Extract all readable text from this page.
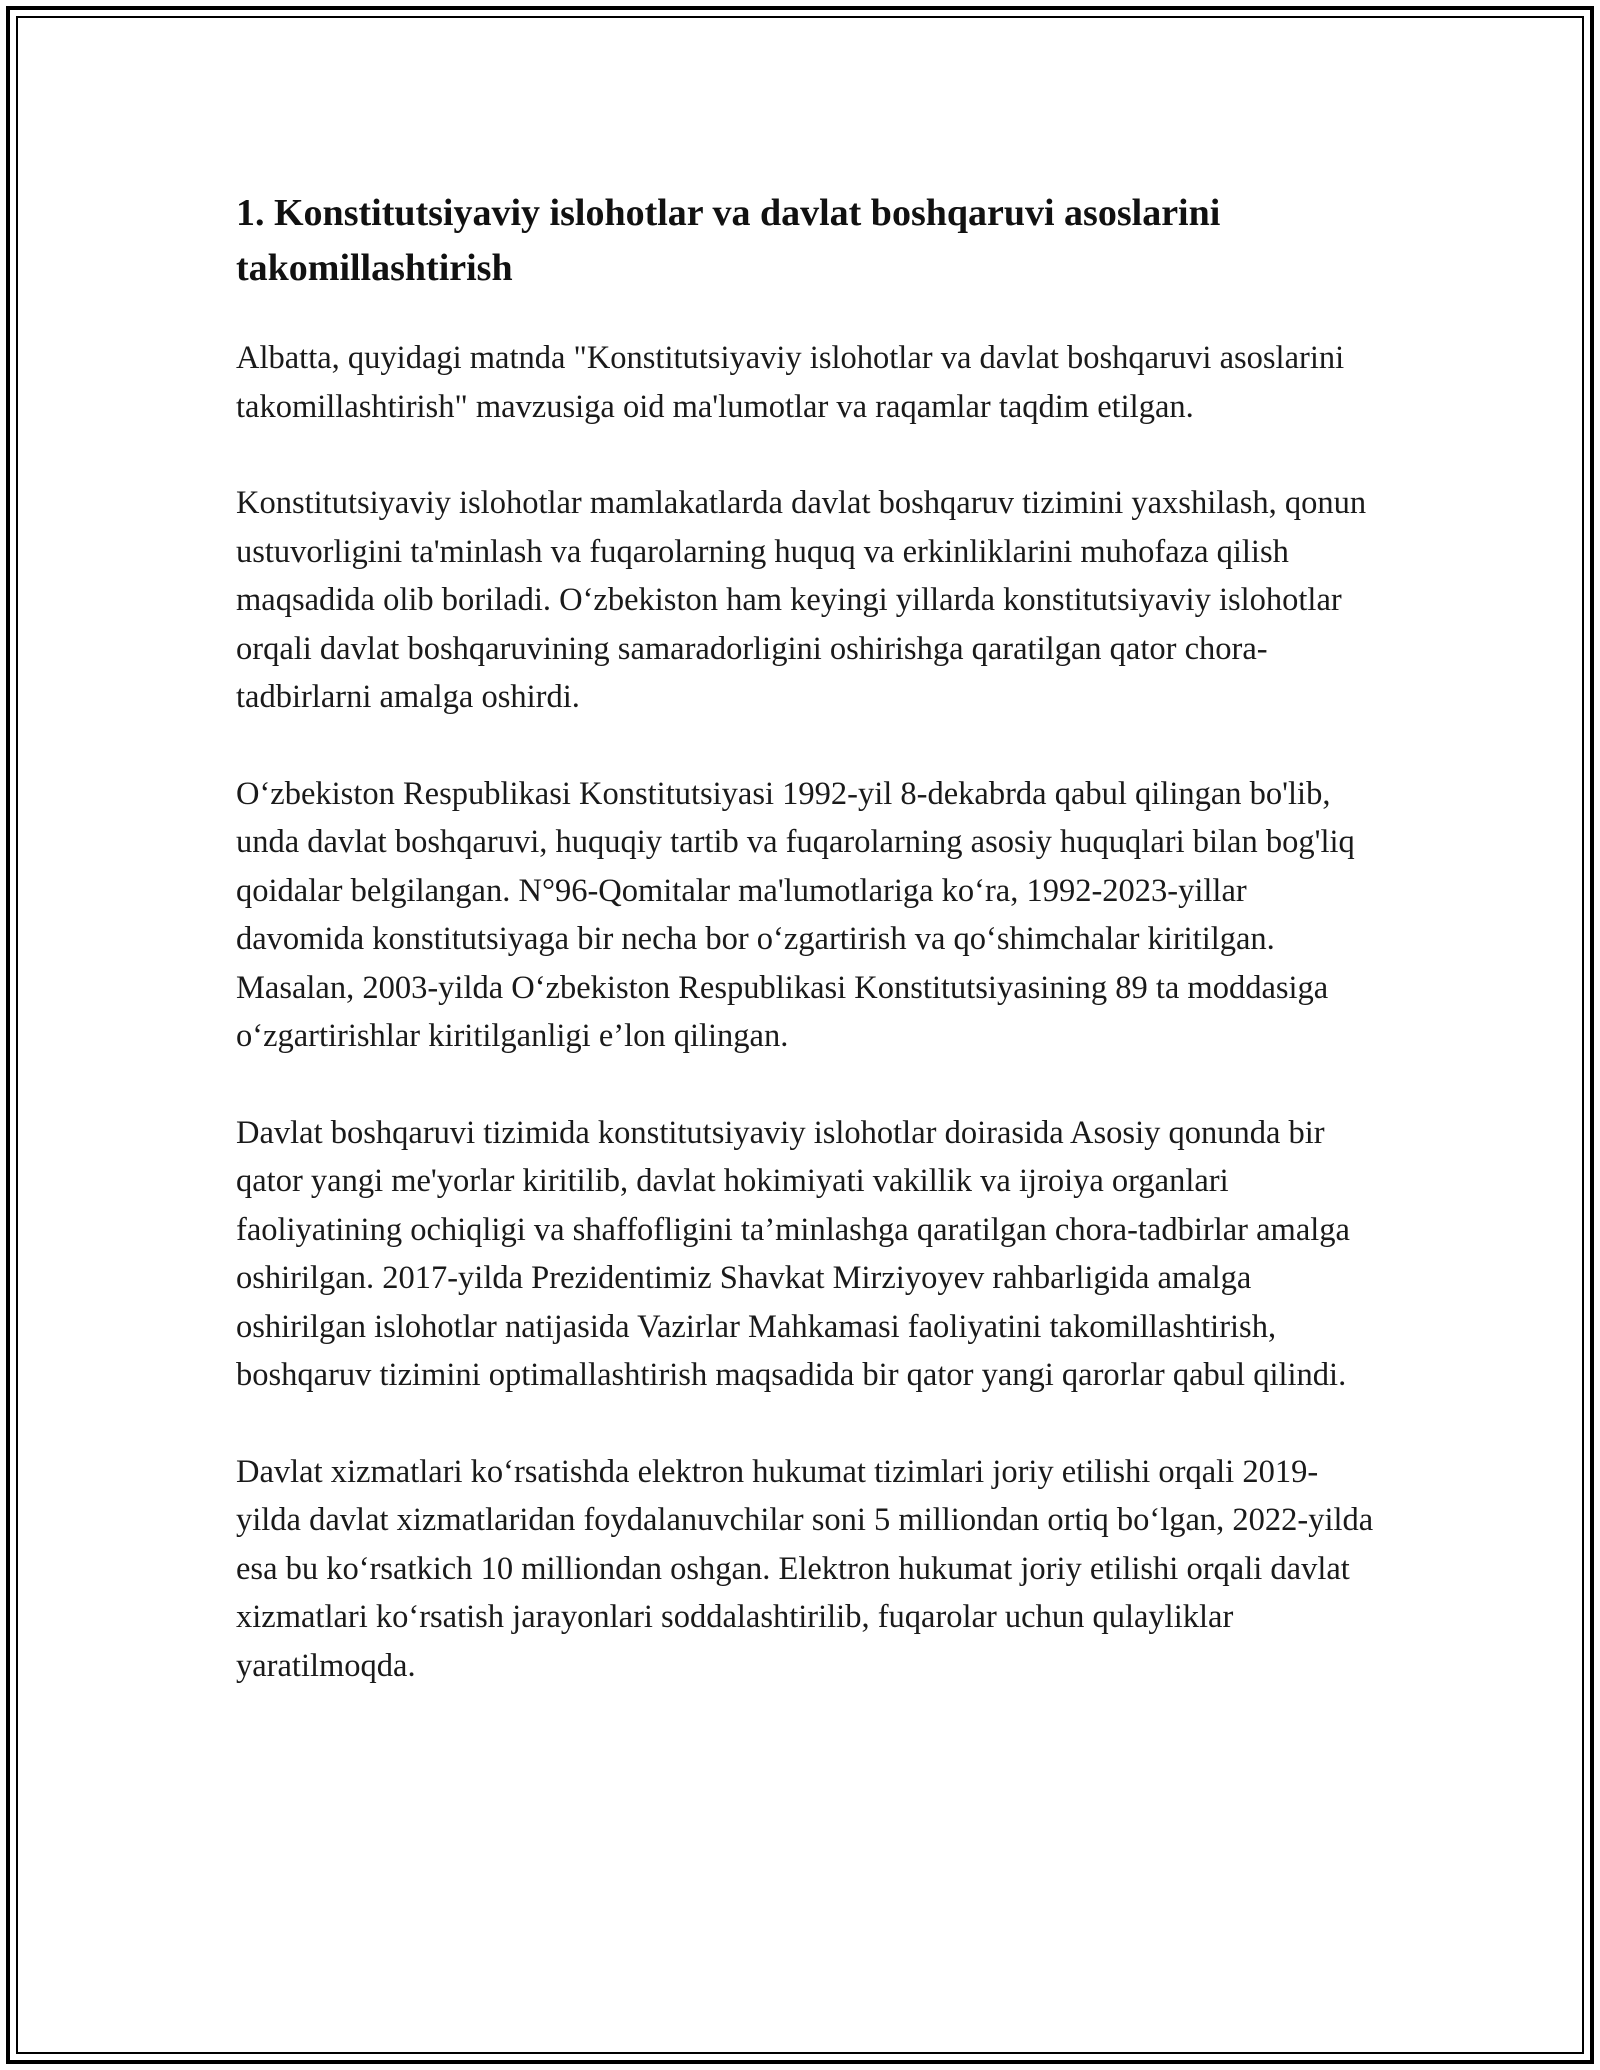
1. Konstitutsiyaviy islohotlar va davlat boshqaruvi asoslarini takomillashtirish

Albatta, quyidagi matnda "Konstitutsiyaviy islohotlar va davlat boshqaruvi asoslarini takomillashtirish" mavzusiga oid ma'lumotlar va raqamlar taqdim etilgan.

Konstitutsiyaviy islohotlar mamlakatlarda davlat boshqaruv tizimini yaxshilash, qonun ustuvorligini ta'minlash va fuqarolarning huquq va erkinliklarini muhofaza qilish maqsadida olib boriladi. O‘zbekiston ham keyingi yillarda konstitutsiyaviy islohotlar orqali davlat boshqaruvining samaradorligini oshirishga qaratilgan qator chora-tadbirlarni amalga oshirdi.

O‘zbekiston Respublikasi Konstitutsiyasi 1992-yil 8-dekabrda qabul qilingan bo'lib, unda davlat boshqaruvi, huquqiy tartib va fuqarolarning asosiy huquqlari bilan bog'liq qoidalar belgilangan. N°96-Qomitalar ma'lumotlariga ko‘ra, 1992-2023-yillar davomida konstitutsiyaga bir necha bor o‘zgartirish va qo‘shimchalar kiritilgan. Masalan, 2003-yilda O‘zbekiston Respublikasi Konstitutsiyasining 89 ta moddasiga o‘zgartirishlar kiritilganligi e’lon qilingan.

Davlat boshqaruvi tizimida konstitutsiyaviy islohotlar doirasida Asosiy qonunda bir qator yangi me'yorlar kiritilib, davlat hokimiyati vakillik va ijroiya organlari faoliyatining ochiqligi va shaffofligini ta’minlashga qaratilgan chora-tadbirlar amalga oshirilgan. 2017-yilda Prezidentimiz Shavkat Mirziyoyev rahbarligida amalga oshirilgan islohotlar natijasida Vazirlar Mahkamasi faoliyatini takomillashtirish, boshqaruv tizimini optimallashtirish maqsadida bir qator yangi qarorlar qabul qilindi.

Davlat xizmatlari ko‘rsatishda elektron hukumat tizimlari joriy etilishi orqali 2019-yilda davlat xizmatlaridan foydalanuvchilar soni 5 milliondan ortiq bo‘lgan, 2022-yilda esa bu ko‘rsatkich 10 milliondan oshgan. Elektron hukumat joriy etilishi orqali davlat xizmatlari ko‘rsatish jarayonlari soddalashtirilib, fuqarolar uchun qulayliklar yaratilmoqda.
